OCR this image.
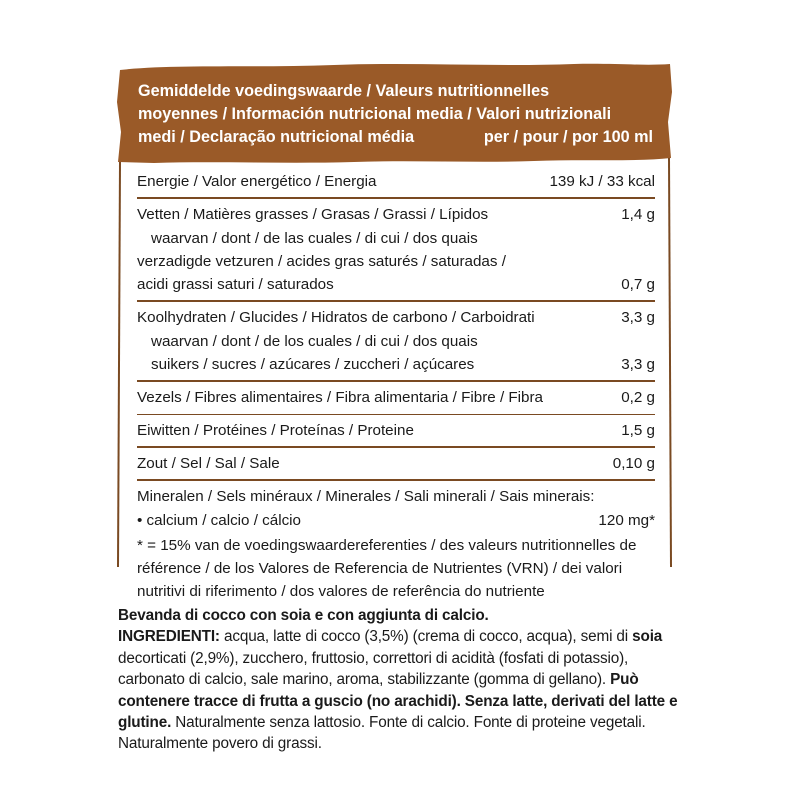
Gemiddelde voedingswaarde / Valeurs nutritionnelles
moyennes / Información nutricional media / Valori nutrizionali
medi / Declaração nutricional média	per / pour / por 100 ml
Energie / Valor energético / Energia	139 kJ / 33 kcal
Vetten / Matières grasses / Grasas / Grassi / Lípidos	1,4 g
waarvan / dont / de las cuales / di cui / dos quais
verzadigde vetzuren / acides gras saturés / saturadas /
acidi grassi saturi / saturados	0,7 g
Koolhydraten / Glucides / Hidratos de carbono / Carboidrati	3,3 g
waarvan / dont / de los cuales / di cui / dos quais
suikers / sucres / azúcares / zuccheri / açúcares	3,3 g
Vezels / Fibres alimentaires / Fibra alimentaria / Fibre / Fibra	0,2 g
Eiwitten / Protéines / Proteínas / Proteine	1,5 g
Zout / Sel / Sal / Sale	0,10 g
Mineralen / Sels minéraux / Minerales / Sali minerali / Sais minerais:
• calcium / calcio / cálcio	120 mg*
* = 15% van de voedingswaardereferenties / des valeurs nutritionnelles de référence / de los Valores de Referencia de Nutrientes (VRN) / dei valori nutritivi di riferimento / dos valores de referência do nutriente
Bevanda di cocco con soia e con aggiunta di calcio.
INGREDIENTI: acqua, latte di cocco (3,5%) (crema di cocco, acqua), semi di soia decorticati (2,9%), zucchero, fruttosio, correttori di acidità (fosfati di potassio), carbonato di calcio, sale marino, aroma, stabilizzante (gomma di gellano). Può contenere tracce di frutta a guscio (no arachidi). Senza latte, derivati del latte e glutine. Naturalmente senza lattosio. Fonte di calcio. Fonte di proteine vegetali. Naturalmente povero di grassi.
